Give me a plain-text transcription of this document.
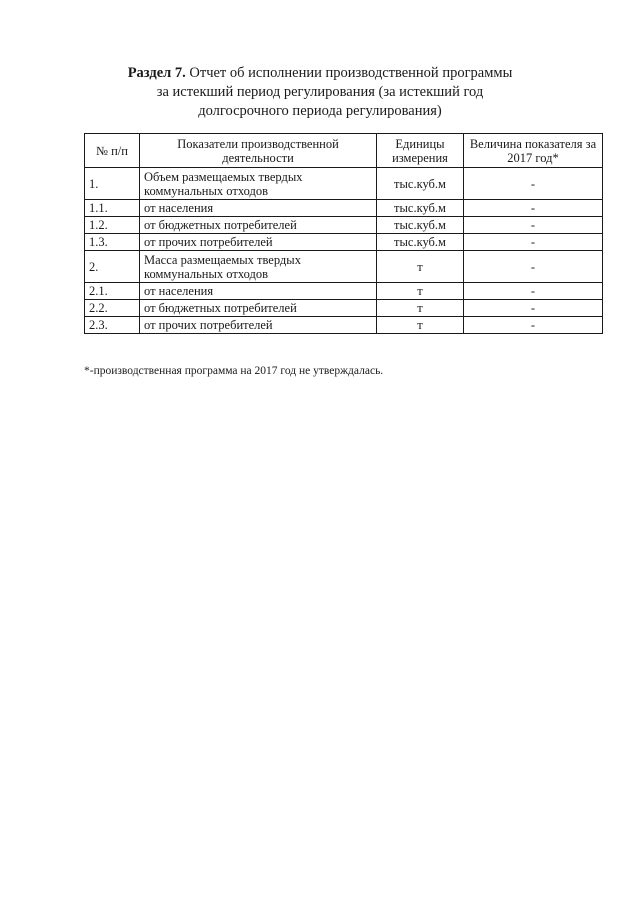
Раздел 7. Отчет об исполнении производственной программы
за истекший период регулирования (за истекший год
долгосрочного периода регулирования)
№ п/п	Показатели производственной деятельности	Единицы измерения	Величина показателя за 2017 год*
1.	Объем размещаемых твердых коммунальных отходов	тыс.куб.м	-
1.1.	от населения	тыс.куб.м	-
1.2.	от бюджетных потребителей	тыс.куб.м	-
1.3.	от прочих потребителей	тыс.куб.м	-
2.	Масса размещаемых твердых коммунальных отходов	т	-
2.1.	от населения	т	-
2.2.	от бюджетных потребителей	т	-
2.3.	от прочих потребителей	т	-
*-производственная программа на 2017 год не утверждалась.
